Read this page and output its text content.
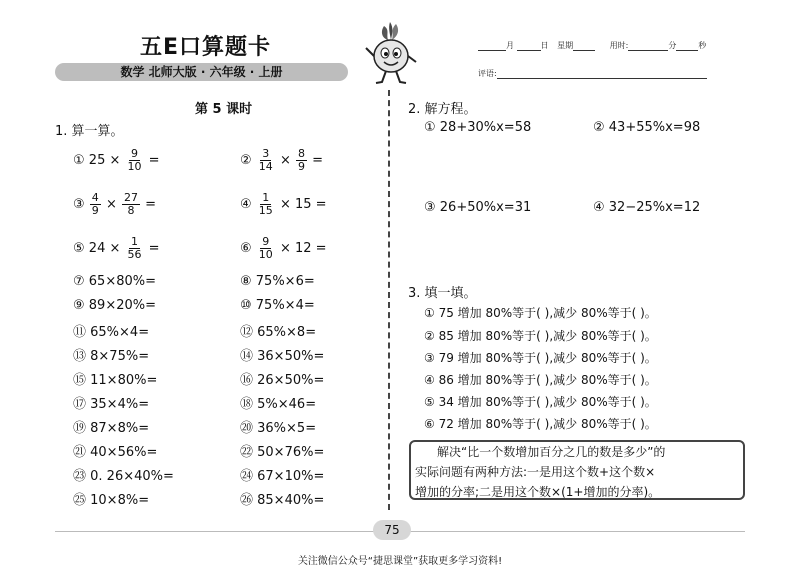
五E口算题卡
数学 北师大版 · 六年级 · 上册
月	日 星期	用时:	分	秒
评语:
第 5 课时
1. 算一算。
① $25 \times \frac{9}{10}$ =	② $\frac{3}{14} \times \frac{8}{9}$ =
③ $\frac{4}{9} \times \frac{27}{8}$ =	④ $\frac{1}{15} \times 15$ =
⑤ $24 \times \frac{1}{56}$ =	⑥ $\frac{9}{10} \times 12$ =
⑦ 65×80%=	⑧ 75%×6=
⑨ 89×20%=	⑩ 75%×4=
⑪ 65%×4=	⑫ 65%×8=
⑬ 8×75%=	⑭ 36×50%=
⑮ 11×80%=	⑯ 26×50%=
⑰ 35×4%=	⑱ 5%×46=
⑲ 87×8%=	⑳ 36%×5=
㉑ 40×56%=	㉒ 50×76%=
㉓ 0. 26×40%=	㉔ 67×10%=
㉕ 10×8%=	㉖ 85×40%=
2. 解方程。
① 28+30%x=58	② 43+55%x=98
③ 26+50%x=31	④ 32−25%x=12
3. 填一填。
① 75 增加 80%等于( ),减少 80%等于( )。
② 85 增加 80%等于( ),减少 80%等于( )。
③ 79 增加 80%等于( ),减少 80%等于( )。
④ 86 增加 80%等于( ),减少 80%等于( )。
⑤ 34 增加 80%等于( ),减少 80%等于( )。
⑥ 72 增加 80%等于( ),减少 80%等于( )。
解决“比一个数增加百分之几的数是多少”的
实际问题有两种方法:一是用这个数+这个数×
增加的分率;二是用这个数×(1+增加的分率)。
75
关注微信公众号“捷思课堂”获取更多学习资料!
